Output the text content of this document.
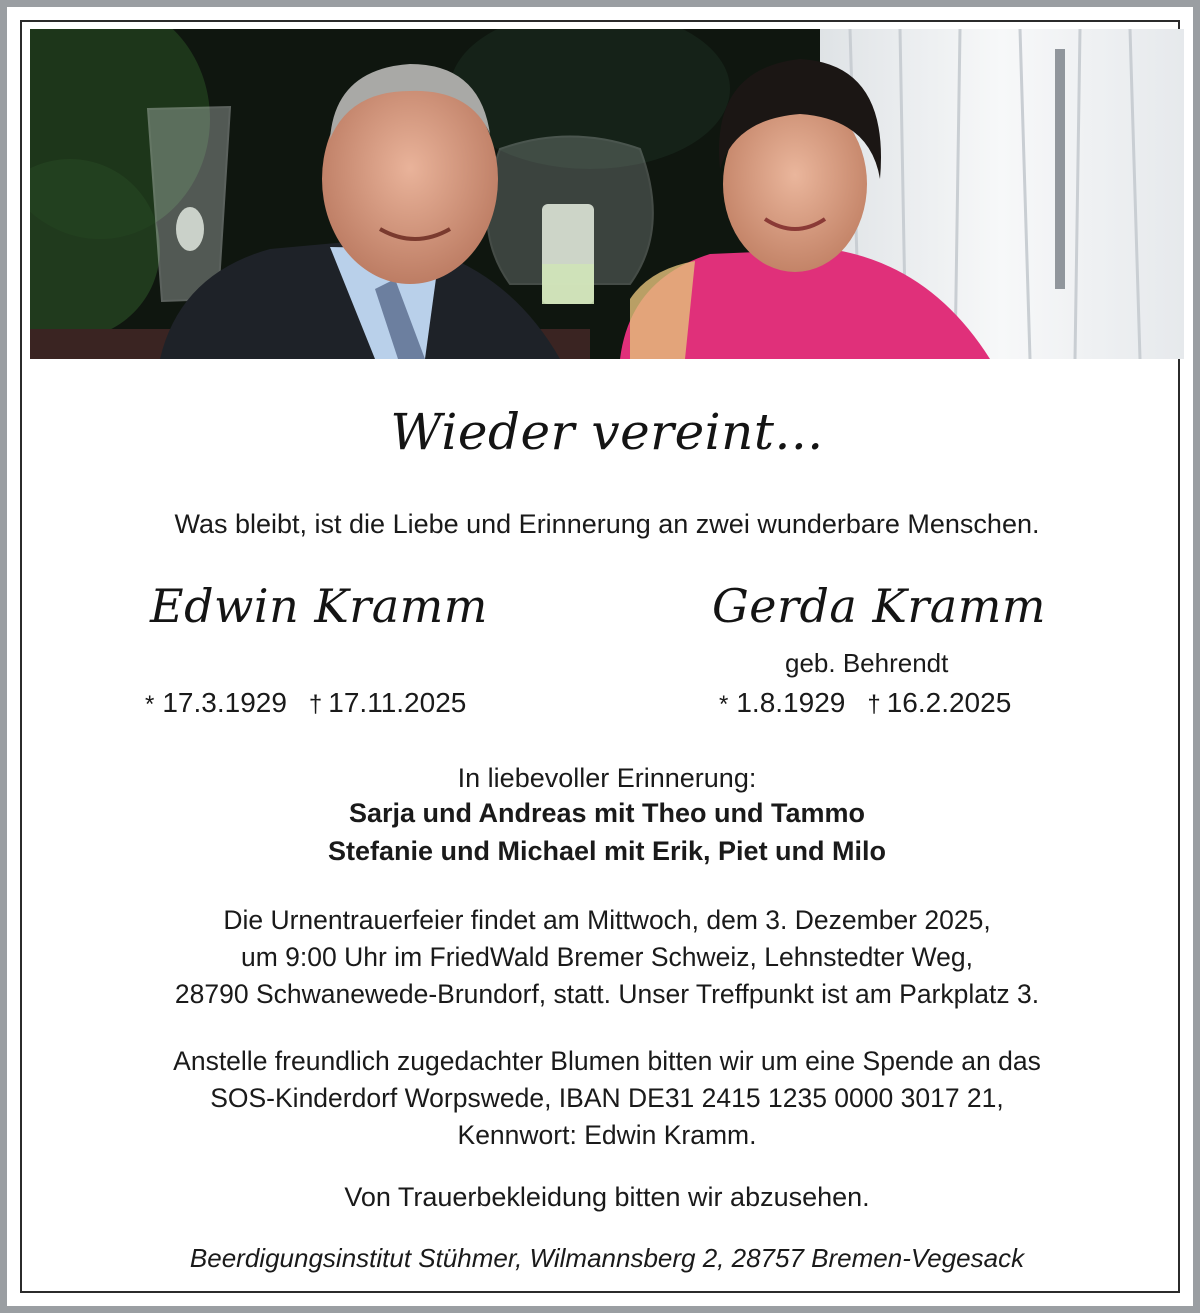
Wieder vereint...
Was bleibt, ist die Liebe und Erinnerung an zwei wunderbare Menschen.
Edwin Kramm	Gerda Kramm
geb. Behrendt
* 17.3.1929 † 17.11.2025	* 1.8.1929 † 16.2.2025
In liebevoller Erinnerung:
Sarja und Andreas mit Theo und Tammo
Stefanie und Michael mit Erik, Piet und Milo
Die Urnentrauerfeier findet am Mittwoch, dem 3. Dezember 2025,
um 9:00 Uhr im FriedWald Bremer Schweiz, Lehnstedter Weg,
28790 Schwanewede-Brundorf, statt. Unser Treffpunkt ist am Parkplatz 3.
Anstelle freundlich zugedachter Blumen bitten wir um eine Spende an das
SOS-Kinderdorf Worpswede, IBAN DE31 2415 1235 0000 3017 21,
Kennwort: Edwin Kramm.
Von Trauerbekleidung bitten wir abzusehen.
Beerdigungsinstitut Stühmer, Wilmannsberg 2, 28757 Bremen-Vegesack
